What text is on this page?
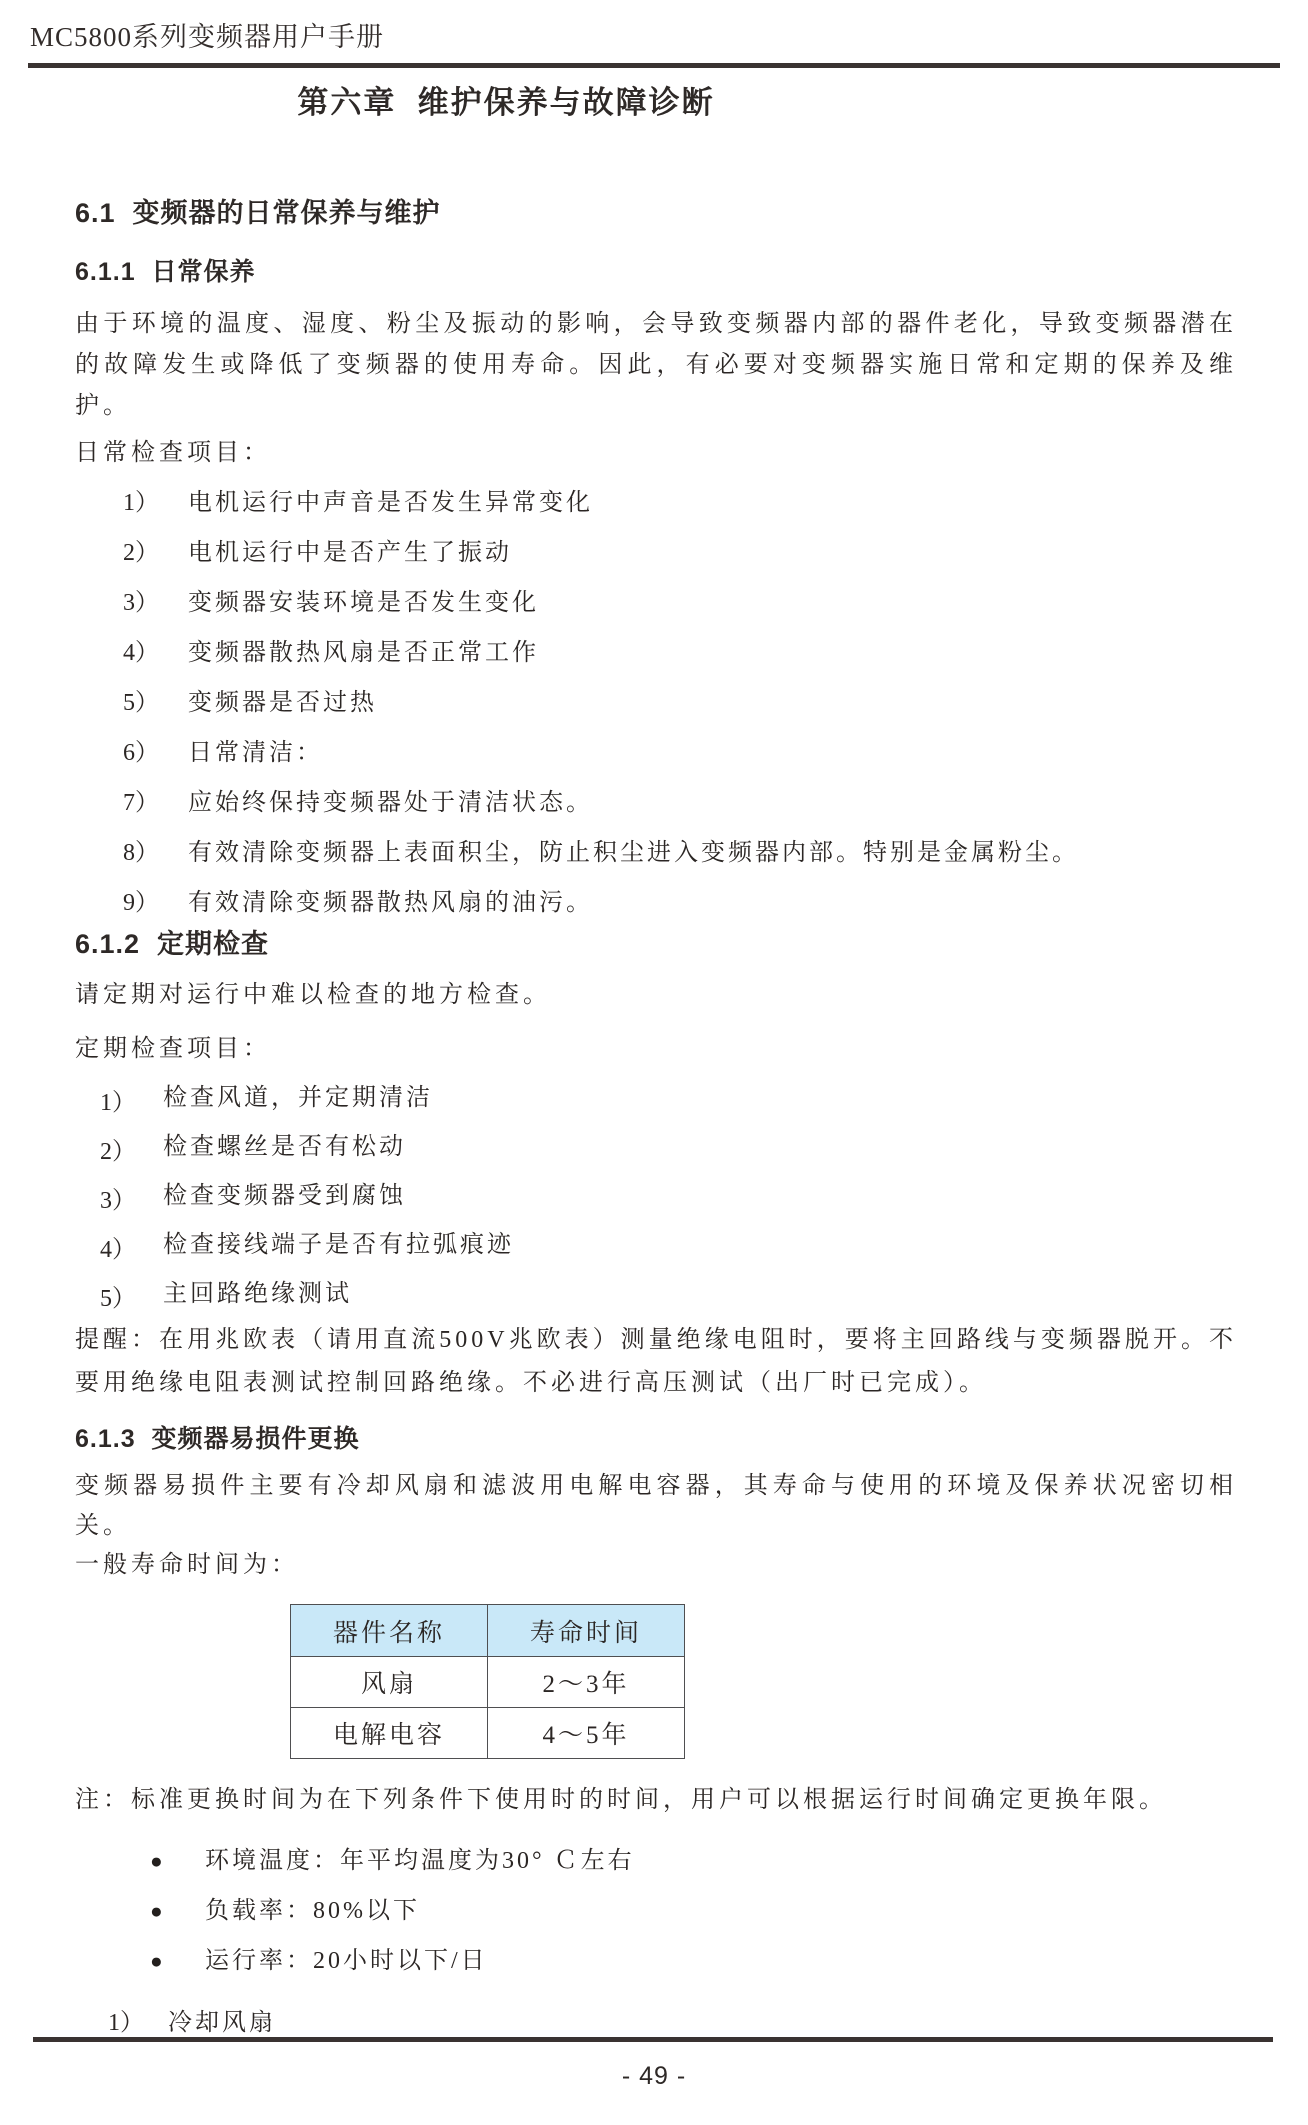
MC5800系列变频器用户手册
第六章  维护保养与故障诊断
6.1  变频器的日常保养与维护
6.1.1  日常保养

由于环境的温度、湿度、粉尘及振动的影响，会导致变频器内部的器件老化，导致变频器潜在的故障发生或降低了变频器的使用寿命。因此，有必要对变频器实施日常和定期的保养及维护。

日常检查项目：

1）	电机运行中声音是否发生异常变化
2）	电机运行中是否产生了振动
3）	变频器安装环境是否发生变化
4）	变频器散热风扇是否正常工作
5）	变频器是否过热
6）	日常清洁：
7）	应始终保持变频器处于清洁状态。
8）	有效清除变频器上表面积尘，防止积尘进入变频器内部。特别是金属粉尘。
9）	有效清除变频器散热风扇的油污。
6.1.2  定期检查

请定期对运行中难以检查的地方检查。

定期检查项目：

1）	检查风道，并定期清洁
2）	检查螺丝是否有松动
3）	检查变频器受到腐蚀
4）	检查接线端子是否有拉弧痕迹
5）	主回路绝缘测试

提醒：在用兆欧表（请用直流500V兆欧表）测量绝缘电阻时，要将主回路线与变频器脱开。不要用绝缘电阻表测试控制回路绝缘。不必进行高压测试（出厂时已完成）。

6.1.3  变频器易损件更换

变频器易损件主要有冷却风扇和滤波用电解电容器，其寿命与使用的环境及保养状况密切相关。

一般寿命时间为：

器件名称	寿命时间
风扇	2～3年
电解电容	4～5年

注：标准更换时间为在下列条件下使用时的时间，用户可以根据运行时间确定更换年限。

●	环境温度：年平均温度为30° Ｃ左右
●	负载率：80%以下
●	运行率：20小时以下/日
1）	冷却风扇
- 49 -
